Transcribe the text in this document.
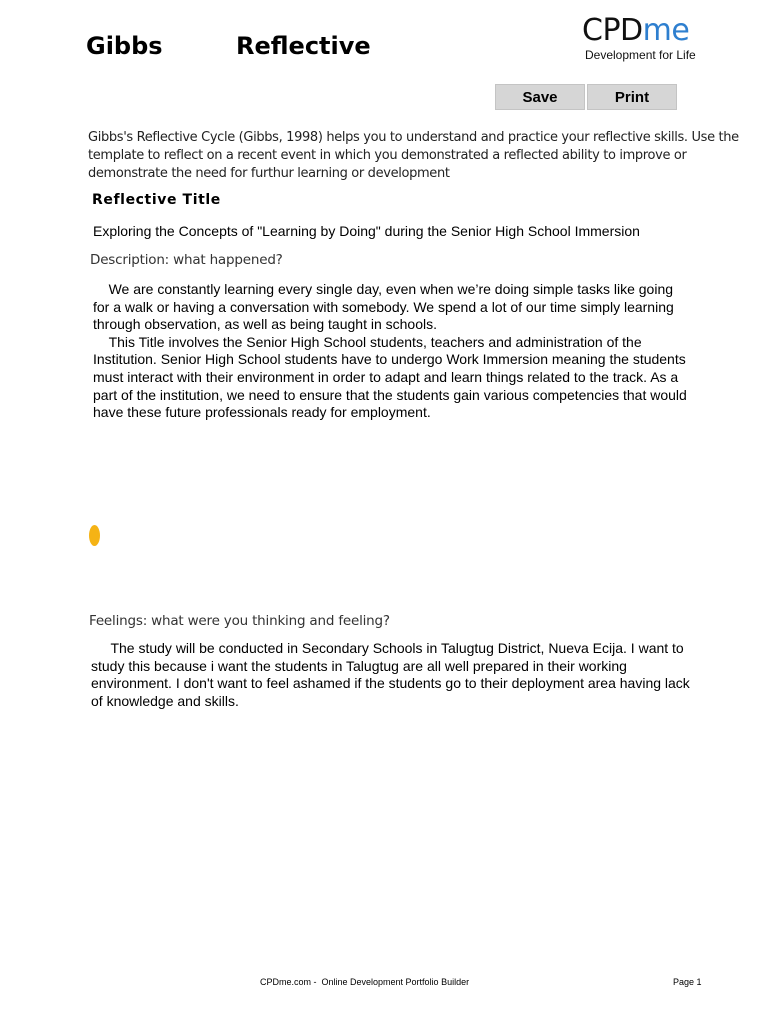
Gibbs	Reflective	CPDme
Development for Life
Save	Print
Gibbs's Reflective Cycle (Gibbs, 1998) helps you to understand and practice your reflective skills. Use the template to reflect on a recent event in which you demonstrated a reflected ability to improve or demonstrate the need for furthur learning or development
Reflective Title
Exploring the Concepts of "Learning by Doing" during the Senior High School Immersion
Description: what happened?

We are constantly learning every single day, even when we’re doing simple tasks like going for a walk or having a conversation with somebody. We spend a lot of our time simply learning through observation, as well as being taught in schools.

This Title involves the Senior High School students, teachers and administration of the Institution. Senior High School students have to undergo Work Immersion meaning the students must interact with their environment in order to adapt and learn things related to the track. As a part of the institution, we need to ensure that the students gain various competencies that would have these future professionals ready for employment.

Feelings: what were you thinking and feeling?

The study will be conducted in Secondary Schools in Talugtug District, Nueva Ecija. I want to study this because i want the students in Talugtug are all well prepared in their working environment. I don't want to feel ashamed if the students go to their deployment area having lack of knowledge and skills.

CPDme.com -  Online Development Portfolio Builder	Page 1
